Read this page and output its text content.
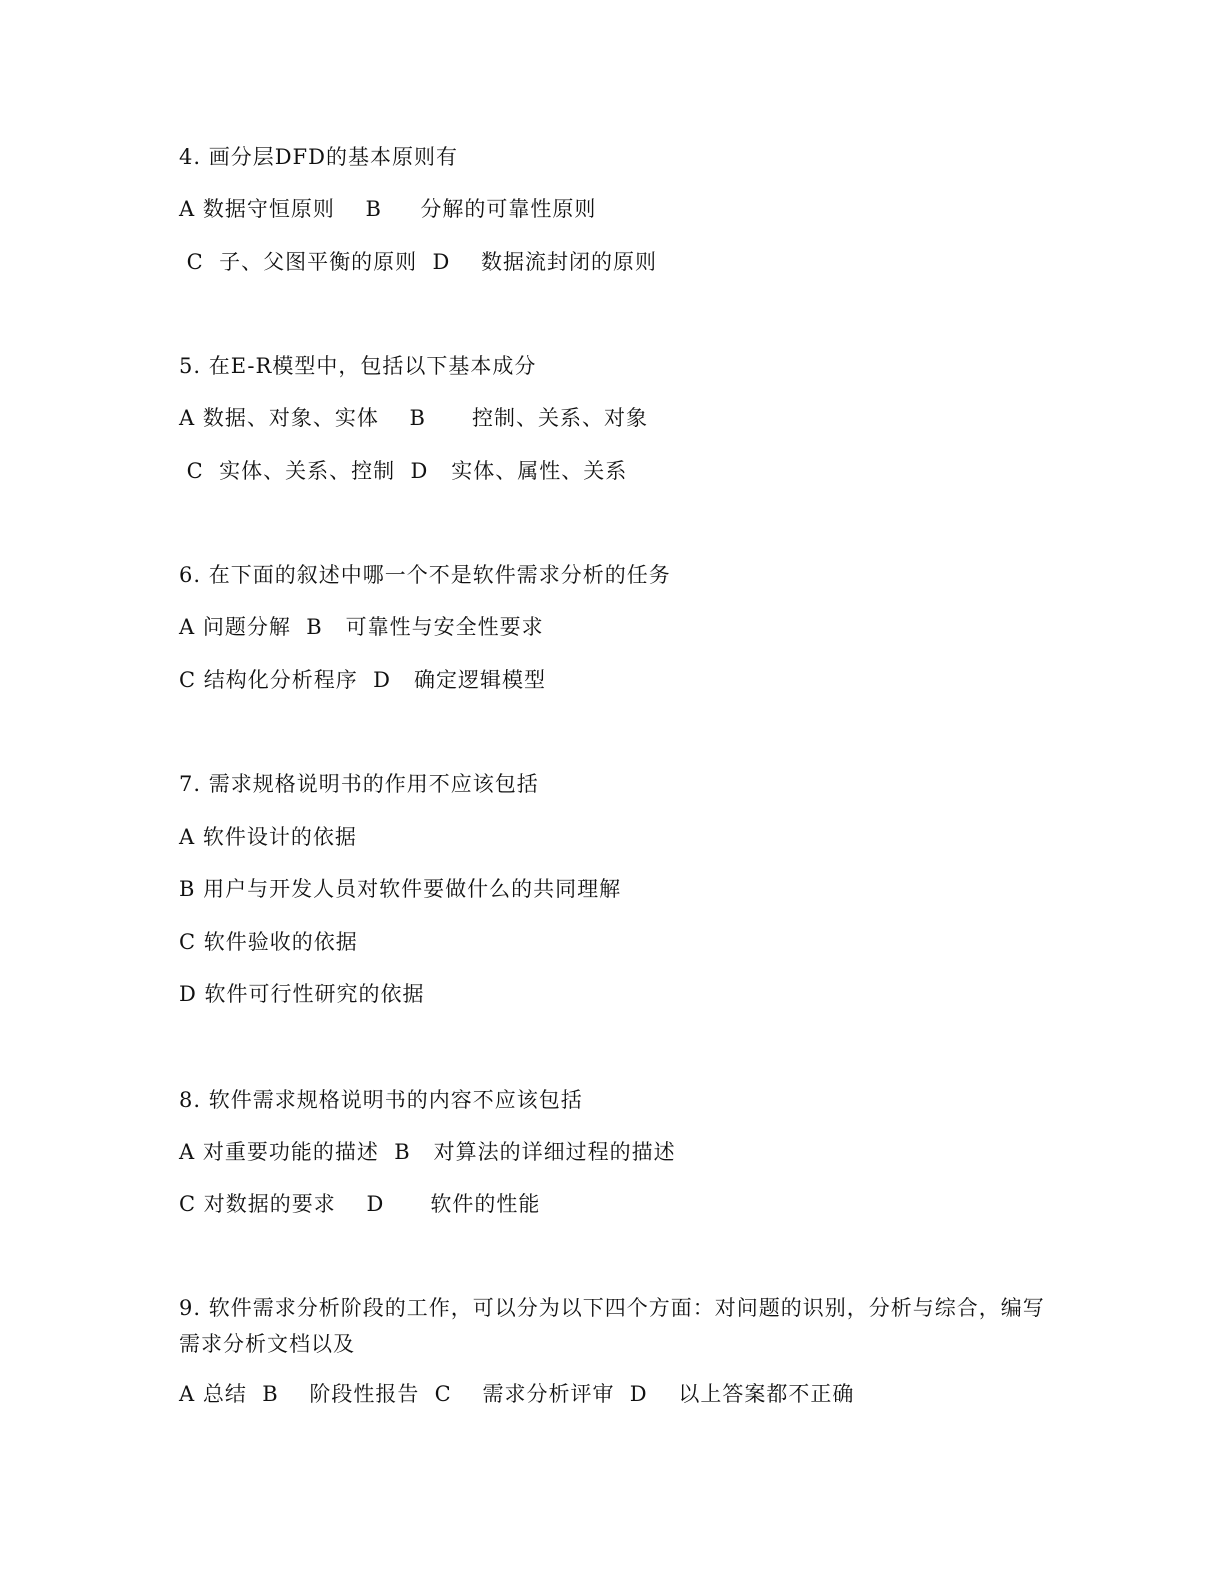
4. 画分层DFD的基本原则有
A 数据守恒原则    B     分解的可靠性原则
C  子、父图平衡的原则  D    数据流封闭的原则
5. 在E-R模型中，包括以下基本成分
A 数据、对象、实体    B      控制、关系、对象
C  实体、关系、控制  D   实体、属性、关系
6. 在下面的叙述中哪一个不是软件需求分析的任务
A 问题分解  B   可靠性与安全性要求
C 结构化分析程序  D   确定逻辑模型
7. 需求规格说明书的作用不应该包括
A 软件设计的依据
B 用户与开发人员对软件要做什么的共同理解
C 软件验收的依据
D 软件可行性研究的依据
8. 软件需求规格说明书的内容不应该包括
A 对重要功能的描述  B   对算法的详细过程的描述
C 对数据的要求    D      软件的性能
9. 软件需求分析阶段的工作，可以分为以下四个方面：对问题的识别，分析与综合，编写需求分析文档以及
A 总结  B    阶段性报告  C    需求分析评审  D    以上答案都不正确
